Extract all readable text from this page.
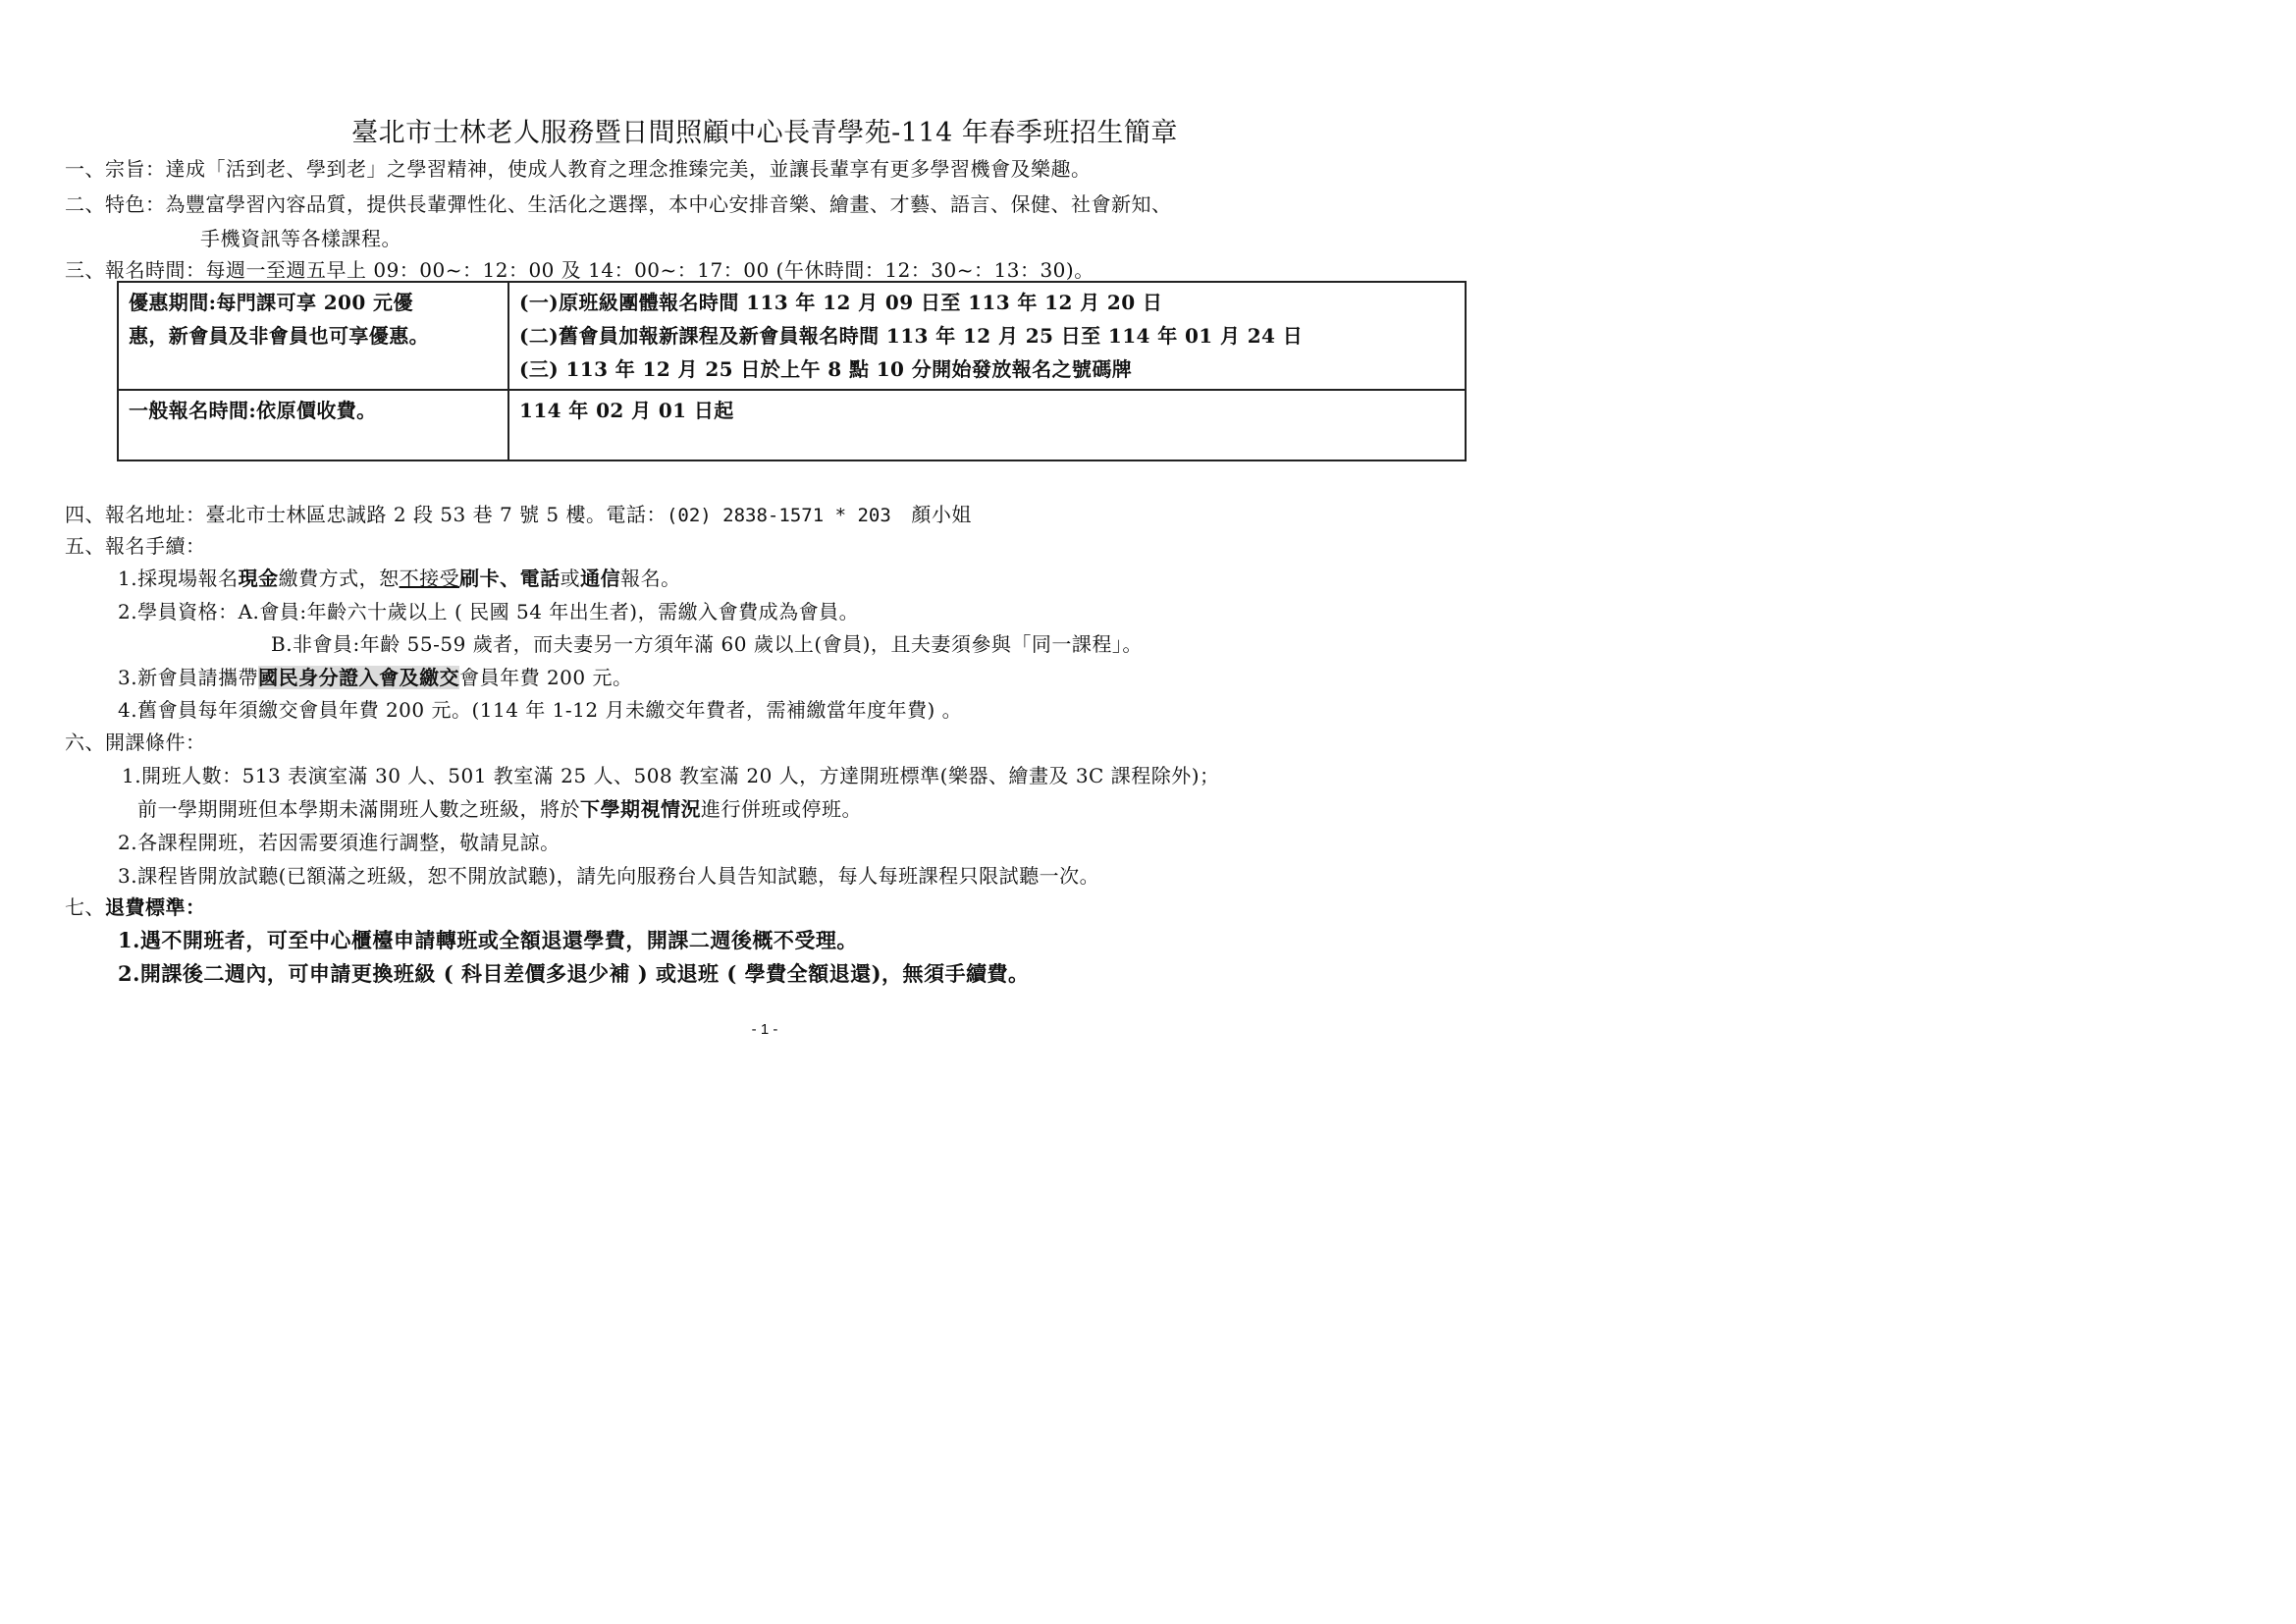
臺北市士林老人服務暨日間照顧中心長青學苑-114 年春季班招生簡章
一、宗旨：達成「活到老、學到老」之學習精神，使成人教育之理念推臻完美，並讓長輩享有更多學習機會及樂趣。
二、特色：為豐富學習內容品質，提供長輩彈性化、生活化之選擇，本中心安排音樂、繪畫、才藝、語言、保健、社會新知、
手機資訊等各樣課程。
三、報名時間：每週一至週五早上 09：00~：12：00 及 14：00~：17：00 (午休時間：12：30~：13：30)。
優惠期間:每門課可享 200 元優
惠，新會員及非會員也可享優惠。	(一)原班級團體報名時間 113 年 12 月 09 日至 113 年 12 月 20 日
(二)舊會員加報新課程及新會員報名時間 113 年 12 月 25 日至 114 年 01 月 24 日
(三) 113 年 12 月 25 日於上午 8 點 10 分開始發放報名之號碼牌

一般報名時間:依原價收費。	114 年 02 月 01 日起
四、報名地址：臺北市士林區忠誠路 2 段 53 巷 7 號 5 樓。電話：(02) 2838-1571 * 203 顏小姐
五、報名手續：
1.採現場報名現金繳費方式，恕不接受刷卡、電話或通信報名。
2.學員資格：A.會員:年齡六十歲以上 ( 民國 54 年出生者)，需繳入會費成為會員。
B.非會員:年齡 55-59 歲者，而夫妻另一方須年滿 60 歲以上(會員)，且夫妻須參與「同一課程」。
3.新會員請攜帶國民身分證入會及繳交會員年費 200 元。
4.舊會員每年須繳交會員年費 200 元。(114 年 1-12 月未繳交年費者，需補繳當年度年費) 。
六、開課條件：
1.開班人數：513 表演室滿 30 人、501 教室滿 25 人、508 教室滿 20 人，方達開班標準(樂器、繪畫及 3C 課程除外)；
前一學期開班但本學期未滿開班人數之班級，將於下學期視情況進行併班或停班。
2.各課程開班，若因需要須進行調整，敬請見諒。
3.課程皆開放試聽(已額滿之班級，恕不開放試聽)，請先向服務台人員告知試聽，每人每班課程只限試聽一次。
七、退費標準：
1.遇不開班者，可至中心櫃檯申請轉班或全額退還學費，開課二週後概不受理。
2.開課後二週內，可申請更換班級 ( 科目差價多退少補 ) 或退班 ( 學費全額退還)，無須手續費。
- 1 -
